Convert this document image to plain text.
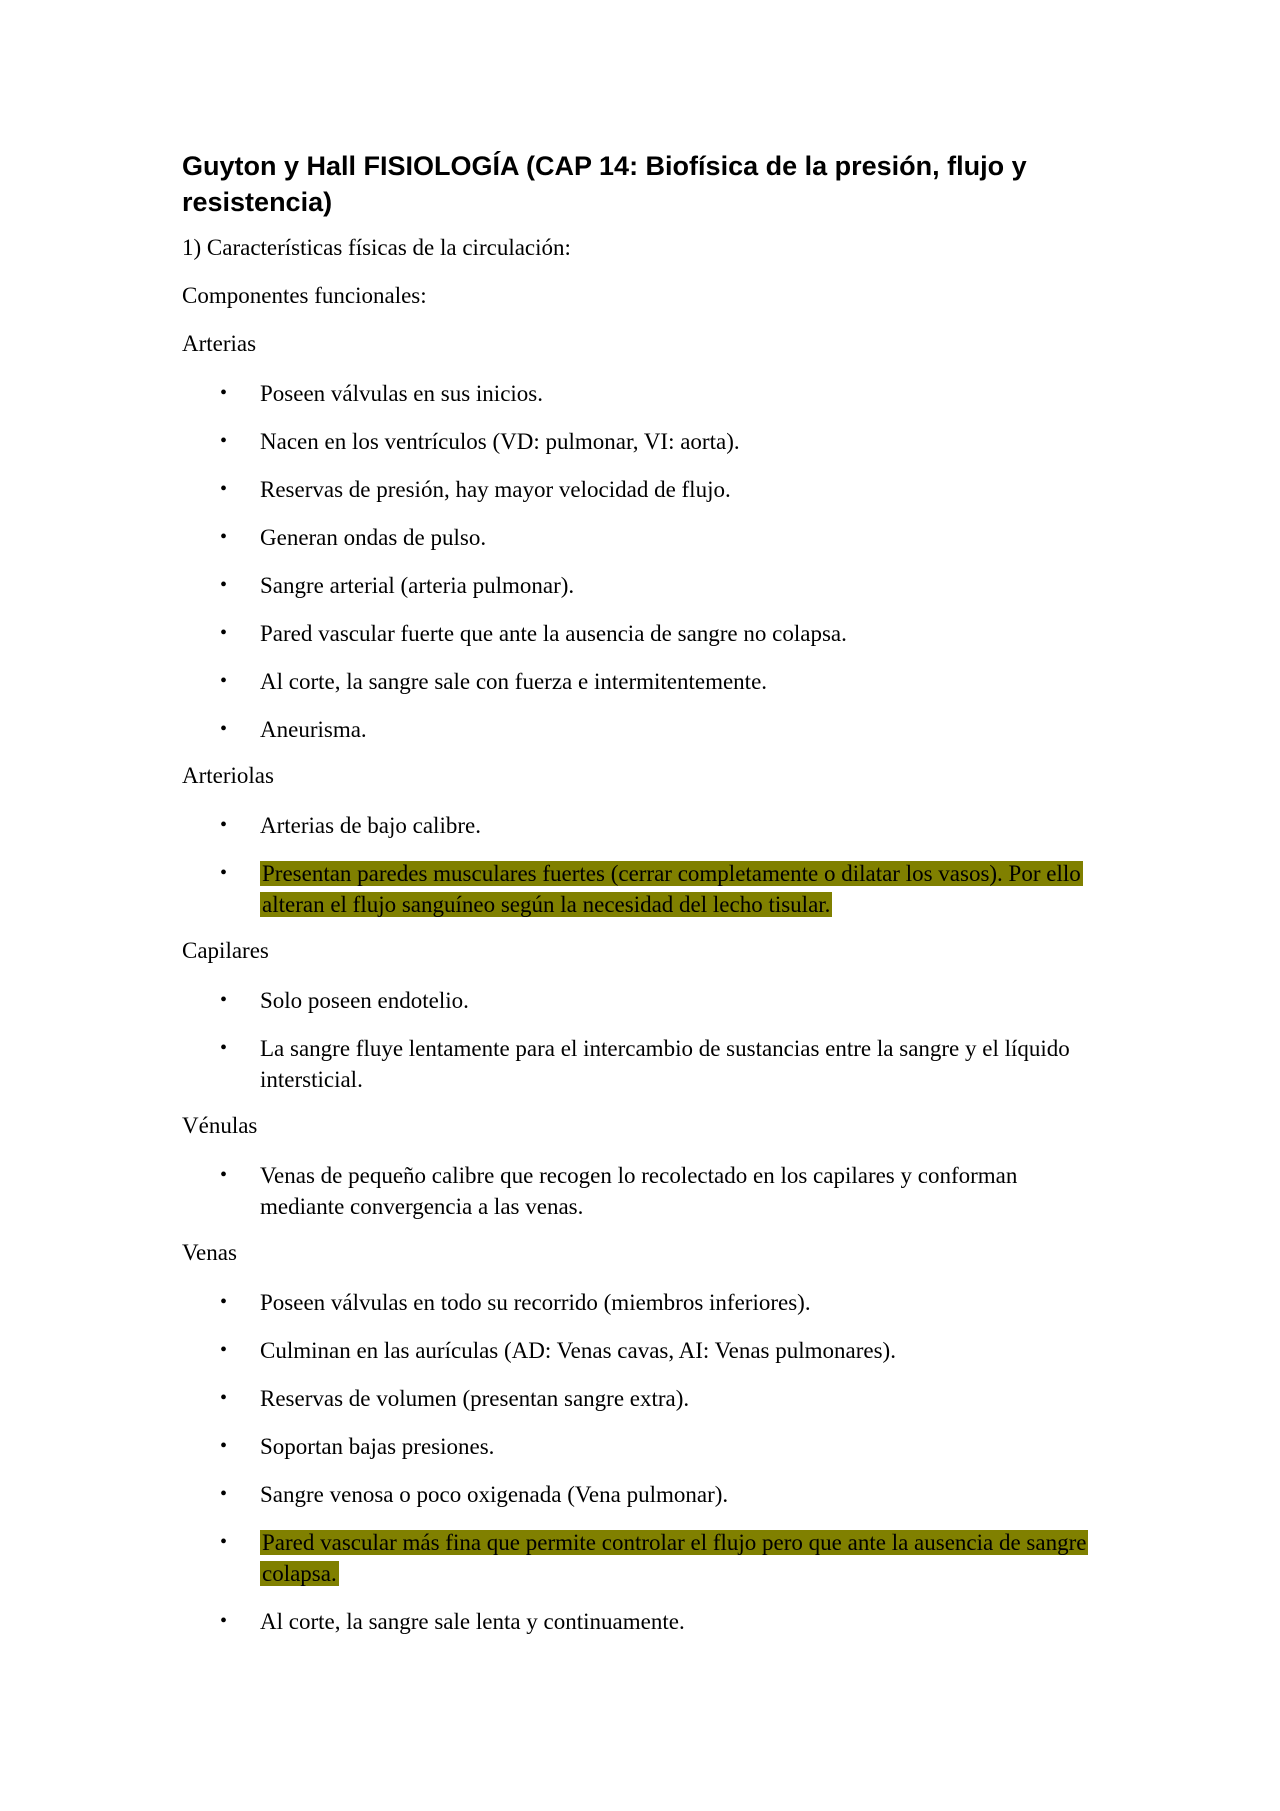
Guyton y Hall FISIOLOGÍA (CAP 14: Biofísica de la presión, flujo y resistencia)

1) Características físicas de la circulación:

Componentes funcionales:

Arterias

• Poseen válvulas en sus inicios.
• Nacen en los ventrículos (VD: pulmonar, VI: aorta).
• Reservas de presión, hay mayor velocidad de flujo.
• Generan ondas de pulso.
• Sangre arterial (arteria pulmonar).
• Pared vascular fuerte que ante la ausencia de sangre no colapsa.
• Al corte, la sangre sale con fuerza e intermitentemente.
• Aneurisma.

Arteriolas

• Arterias de bajo calibre.
• Presentan paredes musculares fuertes (cerrar completamente o dilatar los vasos). Por ello alteran el flujo sanguíneo según la necesidad del lecho tisular.

Capilares

• Solo poseen endotelio.
• La sangre fluye lentamente para el intercambio de sustancias entre la sangre y el líquido intersticial.

Vénulas

• Venas de pequeño calibre que recogen lo recolectado en los capilares y conforman mediante convergencia a las venas.

Venas

• Poseen válvulas en todo su recorrido (miembros inferiores).
• Culminan en las aurículas (AD: Venas cavas, AI: Venas pulmonares).
• Reservas de volumen (presentan sangre extra).
• Soportan bajas presiones.
• Sangre venosa o poco oxigenada (Vena pulmonar).
• Pared vascular más fina que permite controlar el flujo pero que ante la ausencia de sangre colapsa.
• Al corte, la sangre sale lenta y continuamente.
